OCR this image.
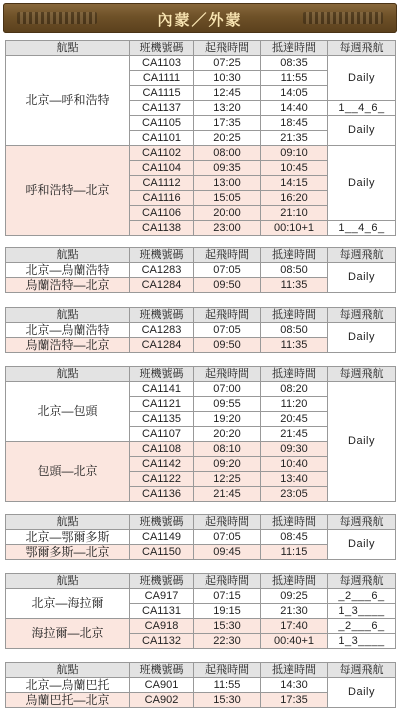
內蒙／外蒙
航點	班機號碼	起飛時間	抵達時間	每週飛航
北京—呼和浩特	CA1103	07:25	08:35	Daily
	CA1111	10:30	11:55	
	CA1115	12:45	14:05	
	CA1137	13:20	14:40	1__4_6_
	CA1105	17:35	18:45	Daily
	CA1101	20:25	21:35	
呼和浩特—北京	CA1102	08:00	09:10	Daily
	CA1104	09:35	10:45	
	CA1112	13:00	14:15	
	CA1116	15:05	16:20	
	CA1106	20:00	21:10	
	CA1138	23:00	00:10+1	1__4_6_
航點	班機號碼	起飛時間	抵達時間	每週飛航
北京—烏蘭浩特	CA1283	07:05	08:50	Daily
烏蘭浩特—北京	CA1284	09:50	11:35	
航點	班機號碼	起飛時間	抵達時間	每週飛航
北京—烏蘭浩特	CA1283	07:05	08:50	Daily
烏蘭浩特—北京	CA1284	09:50	11:35	
航點	班機號碼	起飛時間	抵達時間	每週飛航
北京—包頭	CA1141	07:00	08:20	Daily
	CA1121	09:55	11:20	
	CA1135	19:20	20:45	
	CA1107	20:20	21:45	
包頭—北京	CA1108	08:10	09:30	
	CA1142	09:20	10:40	
	CA1122	12:25	13:40	
	CA1136	21:45	23:05	
航點	班機號碼	起飛時間	抵達時間	每週飛航
北京—鄂爾多斯	CA1149	07:05	08:45	Daily
鄂爾多斯—北京	CA1150	09:45	11:15	
航點	班機號碼	起飛時間	抵達時間	每週飛航
北京—海拉爾	CA917	07:15	09:25	_2___6_
	CA1131	19:15	21:30	1_3____
海拉爾—北京	CA918	15:30	17:40	_2___6_
	CA1132	22:30	00:40+1	1_3____
航點	班機號碼	起飛時間	抵達時間	每週飛航
北京—烏蘭巴托	CA901	11:55	14:30	Daily
烏蘭巴托—北京	CA902	15:30	17:35	
